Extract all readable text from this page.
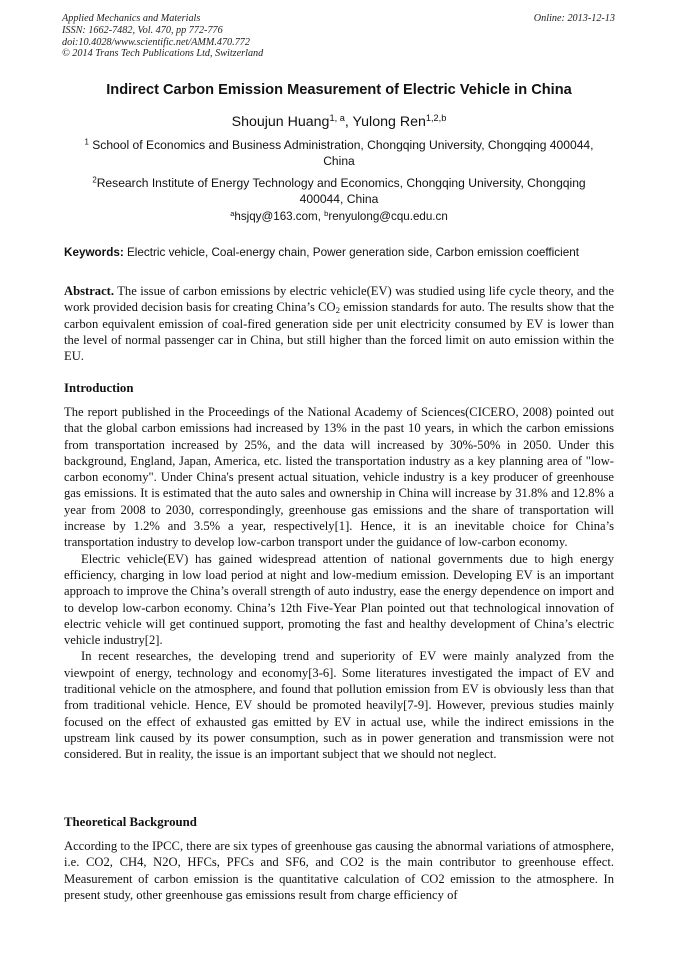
Applied Mechanics and Materials
ISSN: 1662-7482, Vol. 470, pp 772-776
doi:10.4028/www.scientific.net/AMM.470.772
© 2014 Trans Tech Publications Ltd, Switzerland
Online: 2013-12-13
Indirect Carbon Emission Measurement of Electric Vehicle in China
Shoujun Huang$^{1, a}$, Yulong Ren$^{1,2,b}$
$^1$ School of Economics and Business Administration, Chongqing University, Chongqing 400044, China
$^2$Research Institute of Energy Technology and Economics, Chongqing University, Chongqing 400044, China
$^a$hsjqy@163.com, $^b$renyulong@cqu.edu.cn
Keywords: Electric vehicle, Coal-energy chain, Power generation side, Carbon emission coefficient
Abstract. The issue of carbon emissions by electric vehicle(EV) was studied using life cycle theory, and the work provided decision basis for creating China’s $CO_2$ emission standards for auto. The results show that the carbon equivalent emission of coal-fired generation side per unit electricity consumed by EV is lower than the level of normal passenger car in China, but still higher than the forced limit on auto emission within the EU.
Introduction

The report published in the Proceedings of the National Academy of Sciences(CICERO, 2008) pointed out that the global carbon emissions had increased by 13% in the past 10 years, in which the carbon emissions from transportation increased by 25%, and the data will increased by 30%-50% in 2050. Under this background, England, Japan, America, etc. listed the transportation industry as a key planning area of "low-carbon economy". Under China's present actual situation, vehicle industry is a key producer of greenhouse gas emissions. It is estimated that the auto sales and ownership in China will increase by 31.8% and 12.8% a year from 2008 to 2030, correspondingly, greenhouse gas emissions and the share of transportation will increase by 1.2% and 3.5% a year, respectively[1]. Hence, it is an inevitable choice for China’s transportation industry to develop low-carbon transport under the guidance of low-carbon economy.

Electric vehicle(EV) has gained widespread attention of national governments due to high energy efficiency, charging in low load period at night and low-medium emission. Developing EV is an important approach to improve the China’s overall strength of auto industry, ease the energy dependence on import and to develop low-carbon economy. China’s 12th Five-Year Plan pointed out that technological innovation of electric vehicle will get continued support, promoting the fast and healthy development of China’s electric vehicle industry[2].

In recent researches, the developing trend and superiority of EV were mainly analyzed from the viewpoint of energy, technology and economy[3-6]. Some literatures investigated the impact of EV and traditional vehicle on the atmosphere, and found that pollution emission from EV is obviously less than that from traditional vehicle. Hence, EV should be promoted heavily[7-9]. However, previous studies mainly focused on the effect of exhausted gas emitted by EV in actual use, while the indirect emissions in the upstream link caused by its power consumption, such as in power generation and transmission were not considered. But in reality, the issue is an important subject that we should not neglect.

Theoretical Background

According to the IPCC, there are six types of greenhouse gas causing the abnormal variations of atmosphere, i.e. CO2, CH4, N2O, HFCs, PFCs and SF6, and CO2 is the main contributor to greenhouse effect. Measurement of carbon emission is the quantitative calculation of CO2 emission to the atmosphere. In present study, other greenhouse gas emissions result from charge efficiency of
